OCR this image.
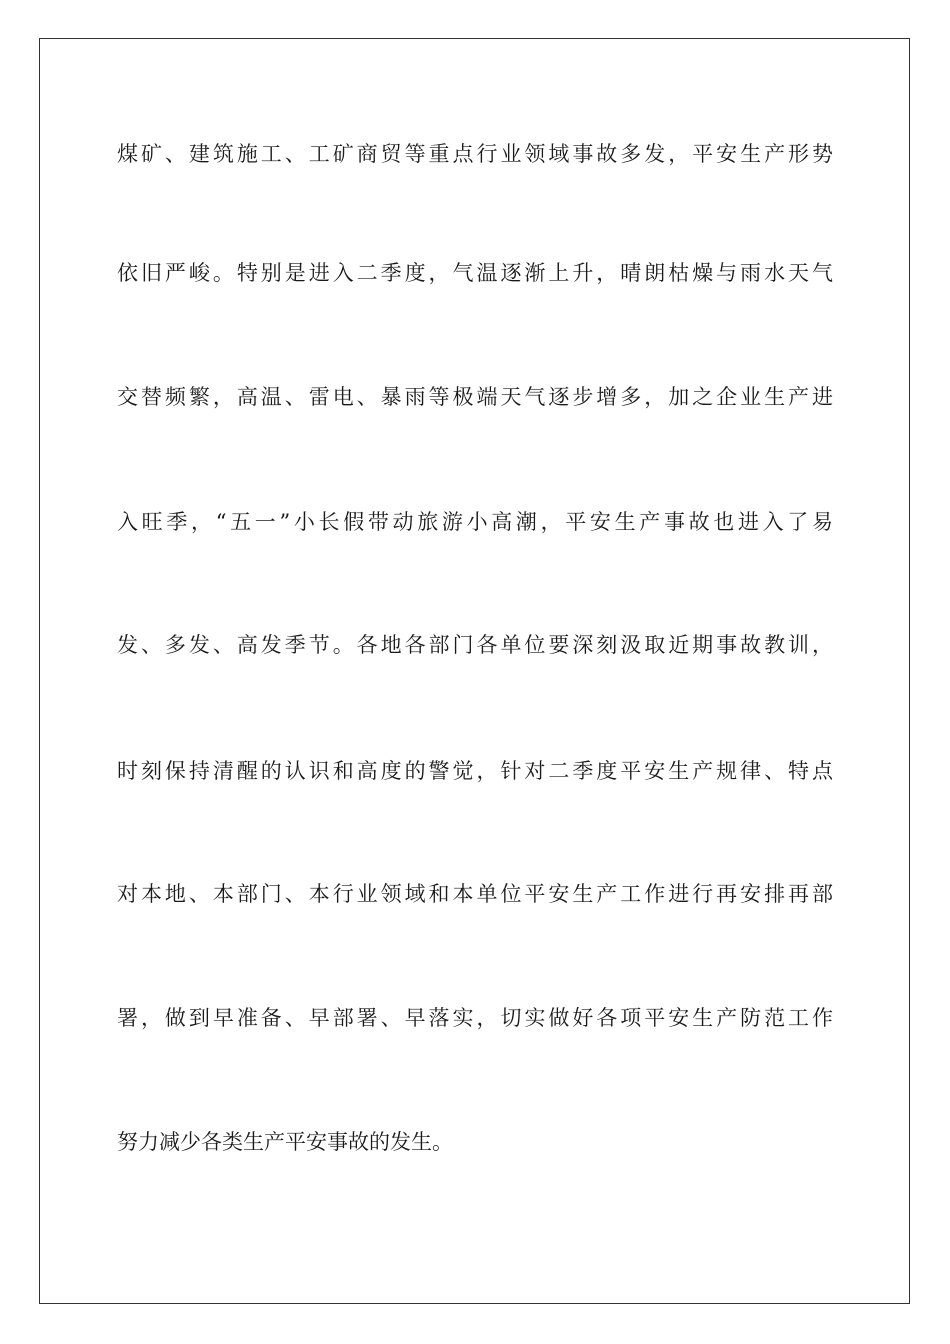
煤矿、建筑施工、工矿商贸等重点行业领域事故多发，平安生产形势
依旧严峻。特别是进入二季度，气温逐渐上升，晴朗枯燥与雨水天气
交替频繁，高温、雷电、暴雨等极端天气逐步增多，加之企业生产进
入旺季，“五一”小长假带动旅游小高潮，平安生产事故也进入了易
发、多发、高发季节。各地各部门各单位要深刻汲取近期事故教训，
时刻保持清醒的认识和高度的警觉，针对二季度平安生产规律、特点
对本地、本部门、本行业领域和本单位平安生产工作进行再安排再部
署，做到早准备、早部署、早落实，切实做好各项平安生产防范工作
努力减少各类生产平安事故的发生。
